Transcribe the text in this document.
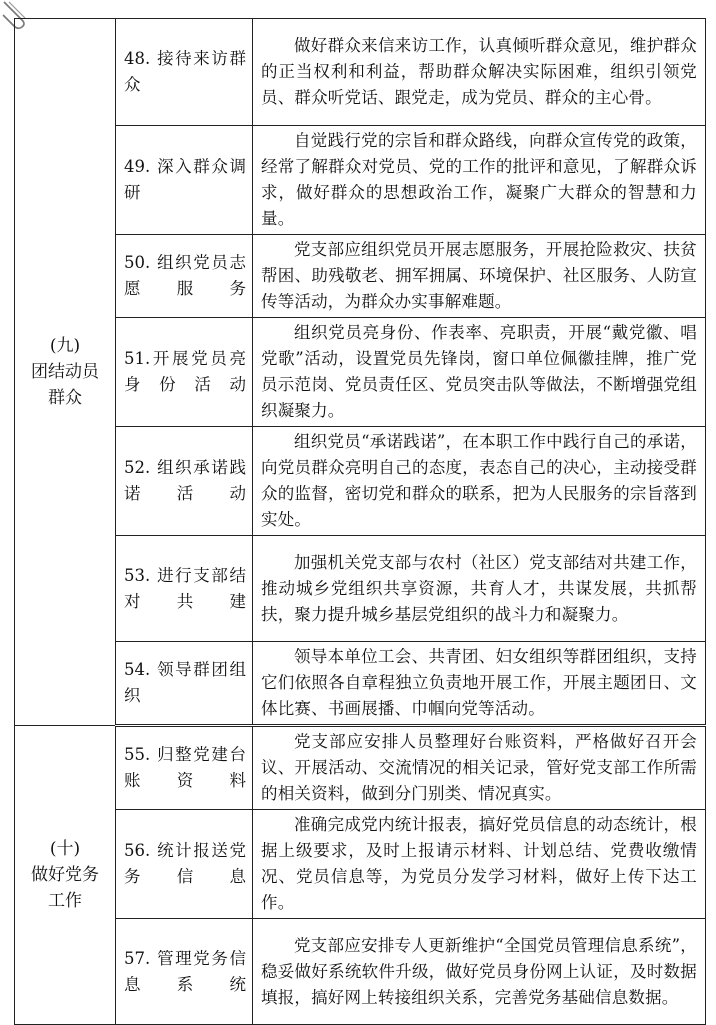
(九)
团结动员群众	48. 接待来访群众	做好群众来信来访工作，认真倾听群众意见，维护群众的正当权利和利益，帮助群众解决实际困难，组织引领党员、群众听党话、跟党走，成为党员、群众的主心骨。
	49. 深入群众调研	自觉践行党的宗旨和群众路线，向群众宣传党的政策，经常了解群众对党员、党的工作的批评和意见，了解群众诉求，做好群众的思想政治工作，凝聚广大群众的智慧和力量。
	50. 组织党员志愿服务	党支部应组织党员开展志愿服务，开展抢险救灾、扶贫帮困、助残敬老、拥军拥属、环境保护、社区服务、人防宣传等活动，为群众办实事解难题。
	51.开展党员亮身份活动	组织党员亮身份、作表率、亮职责，开展“戴党徽、唱党歌”活动，设置党员先锋岗，窗口单位佩徽挂牌，推广党员示范岗、党员责任区、党员突击队等做法，不断增强党组织凝聚力。
	52. 组织承诺践诺活动	组织党员“承诺践诺”，在本职工作中践行自己的承诺，向党员群众亮明自己的态度，表态自己的决心，主动接受群众的监督，密切党和群众的联系，把为人民服务的宗旨落到实处。
	53. 进行支部结对共建	加强机关党支部与农村（社区）党支部结对共建工作，推动城乡党组织共享资源，共育人才，共谋发展，共抓帮扶，聚力提升城乡基层党组织的战斗力和凝聚力。
	54. 领导群团组织	领导本单位工会、共青团、妇女组织等群团组织，支持它们依照各自章程独立负责地开展工作，开展主题团日、文体比赛、书画展播、巾帼向党等活动。

(十)
做好党务工作	55. 归整党建台账资料	党支部应安排人员整理好台账资料，严格做好召开会议、开展活动、交流情况的相关记录，管好党支部工作所需的相关资料，做到分门别类、情况真实。
	56. 统计报送党务信息	准确完成党内统计报表，搞好党员信息的动态统计，根据上级要求，及时上报请示材料、计划总结、党费收缴情况、党员信息等，为党员分发学习材料，做好上传下达工作。
	57. 管理党务信息系统	党支部应安排专人更新维护“全国党员管理信息系统”，稳妥做好系统软件升级，做好党员身份网上认证，及时数据填报，搞好网上转接组织关系，完善党务基础信息数据。
